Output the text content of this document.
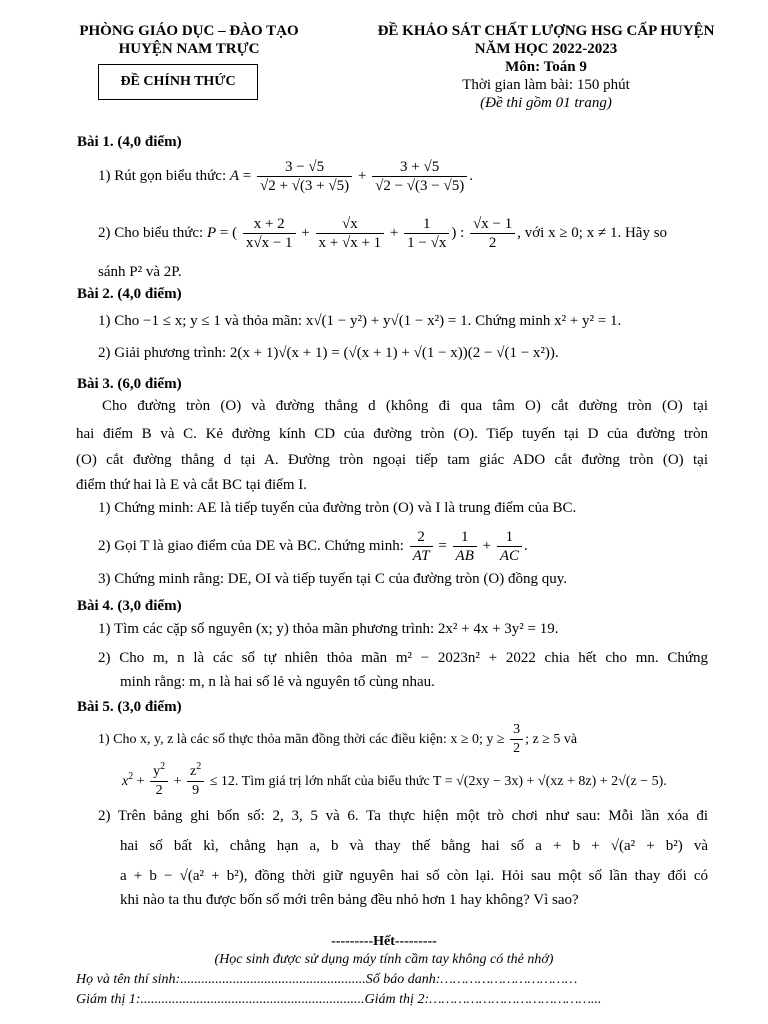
PHÒNG GIÁO DỤC – ĐÀO TẠO
HUYỆN NAM TRỰC
ĐỀ CHÍNH THỨC
ĐỀ KHẢO SÁT CHẤT LƯỢNG HSG CẤP HUYỆN
NĂM HỌC 2022-2023
Môn: Toán 9
Thời gian làm bài: 150 phút
(Đề thi gồm 01 trang)
Bài 1. (4,0 điểm)
1) Rút gọn biểu thức: $A = \frac{3 - √5}{√2 + √(3 + √5)} + \frac{3 + √5}{√2 - √(3 - √5)}$ .
2) Cho biểu thức: P = ( $\frac{x + 2}{x√x - 1} + \frac{√x}{x + √x + 1} + \frac{1}{1 - √x}$ ) : $\frac{√x - 1}{2}$ , với x ≥ 0; x ≠ 1. Hãy so
sánh P² và 2P.
Bài 2. (4,0 điểm)
1) Cho −1 ≤ x; y ≤ 1 và thỏa mãn: x√(1 − y²) + y√(1 − x²) = 1. Chứng minh x² + y² = 1.
2) Giải phương trình: 2(x + 1)√(x + 1) = (√(x + 1) + √(1 − x))(2 − √(1 − x²)).
Bài 3. (6,0 điểm)
Cho đường tròn (O) và đường thẳng d (không đi qua tâm O) cắt đường tròn (O) tại
hai điểm B và C. Kẻ đường kính CD của đường tròn (O). Tiếp tuyến tại D của đường tròn
(O) cắt đường thẳng d tại A. Đường tròn ngoại tiếp tam giác ADO cắt đường tròn (O) tại
điểm thứ hai là E và cắt BC tại điểm I.
1) Chứng minh: AE là tiếp tuyến của đường tròn (O) và I là trung điểm của BC.
2) Gọi T là giao điểm của DE và BC. Chứng minh: $\frac{2}{AT} = \frac{1}{AB} + \frac{1}{AC}$ .
3) Chứng minh rằng: DE, OI và tiếp tuyến tại C của đường tròn (O) đồng quy.
Bài 4. (3,0 điểm)
1) Tìm các cặp số nguyên (x; y) thỏa mãn phương trình: 2x² + 4x + 3y² = 19.
2) Cho m, n là các số tự nhiên thỏa mãn m² − 2023n² + 2022 chia hết cho mn. Chứng
minh rằng: m, n là hai số lẻ và nguyên tố cùng nhau.
Bài 5. (3,0 điểm)
1) Cho x, y, z là các số thực thỏa mãn đồng thời các điều kiện: x ≥ 0; $y \ge \frac{3}{2}$ ; z ≥ 5 và
$x^2 + \frac{y^2}{2} + \frac{z^2}{9} \le 12$. Tìm giá trị lớn nhất của biểu thức T = √(2xy − 3x) + √(xz + 8z) + 2√(z − 5).
2) Trên bảng ghi bốn số: 2, 3, 5 và 6. Ta thực hiện một trò chơi như sau: Mỗi lần xóa đi
hai số bất kì, chẳng hạn a, b và thay thế bằng hai số a + b + √(a² + b²) và
a + b − √(a² + b²), đồng thời giữ nguyên hai số còn lại. Hỏi sau một số lần thay đổi có
khi nào ta thu được bốn số mới trên bảng đều nhỏ hơn 1 hay không? Vì sao?
---------Hết---------
(Học sinh được sử dụng máy tính cầm tay không có thẻ nhớ)
Họ và tên thí sinh:.....................................................Số báo danh:……………………………
Giám thị 1:................................................................Giám thị 2:…………………………………...
